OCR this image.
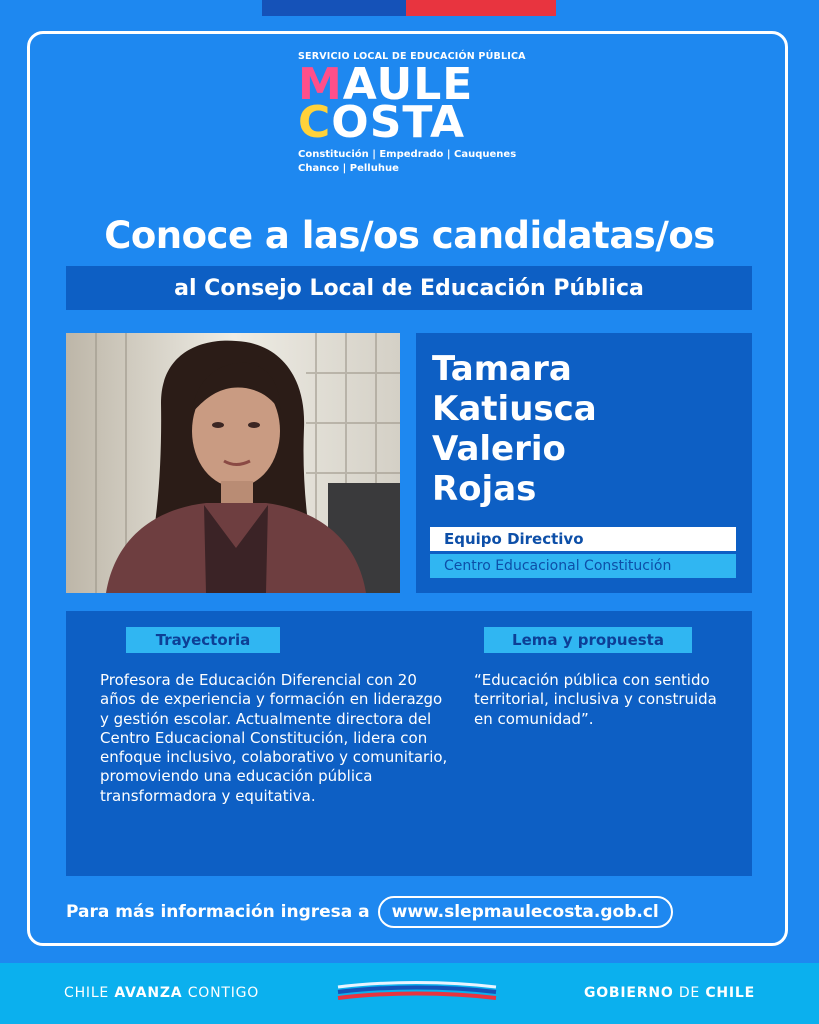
SERVICIO LOCAL DE EDUCACIÓN PÚBLICA
MAULE
COSTA
Constitución | Empedrado | Cauquenes
Chanco | Pelluhue
Conoce a las/os candidatas/os
al Consejo Local de Educación Pública
Tamara
Katiusca
Valerio
Rojas
Equipo Directivo
Centro Educacional Constitución
Trayectoria	Lema y propuesta
Profesora de Educación Diferencial con 20 años de experiencia y formación en liderazgo y gestión escolar. Actualmente directora del Centro Educacional Constitución, lidera con enfoque inclusivo, colaborativo y comunitario, promoviendo una educación pública transformadora y equitativa.
“Educación pública con sentido territorial, inclusiva y construida en comunidad”.
Para más información ingresa a	www.slepmaulecosta.gob.cl
CHILE AVANZA CONTIGO	GOBIERNO DE CHILE
